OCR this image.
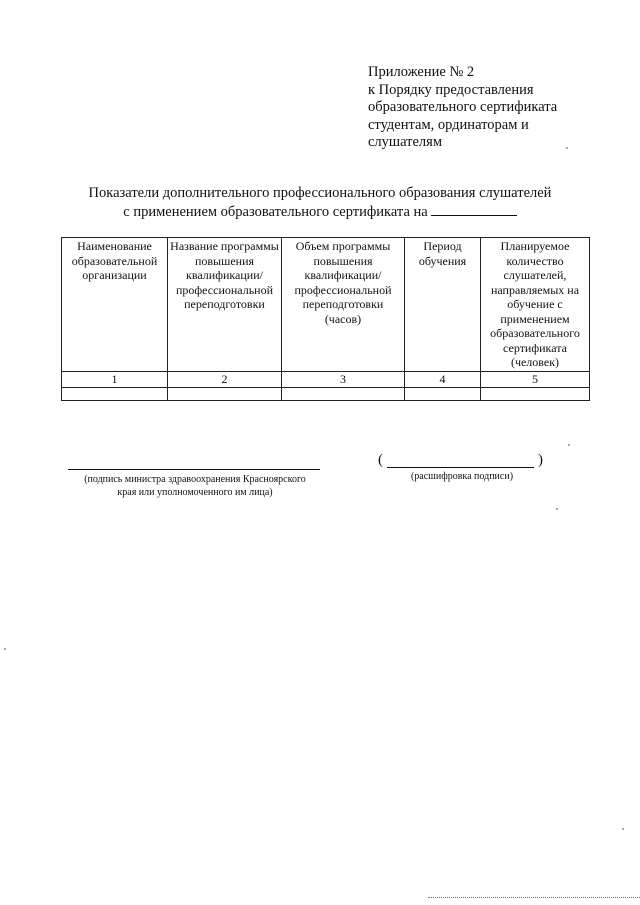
Приложение № 2
к Порядку предоставления
образовательного сертификата
студентам, ординаторам и
слушателям
Показатели дополнительного профессионального образования слушателей
с применением образовательного сертификата на
Наименование образовательной организации	Название программы повышения квалификации/ профессиональной переподготовки	Объем программы повышения квалификации/ профессиональной переподготовки (часов)	Период обучения	Планируемое количество слушателей, направляемых на обучение с применением образовательного сертификата (человек)
1	2	3	4	5

(подпись министра здравоохранения Красноярского
края или уполномоченного им лица)
(	)
(расшифровка подписи)
